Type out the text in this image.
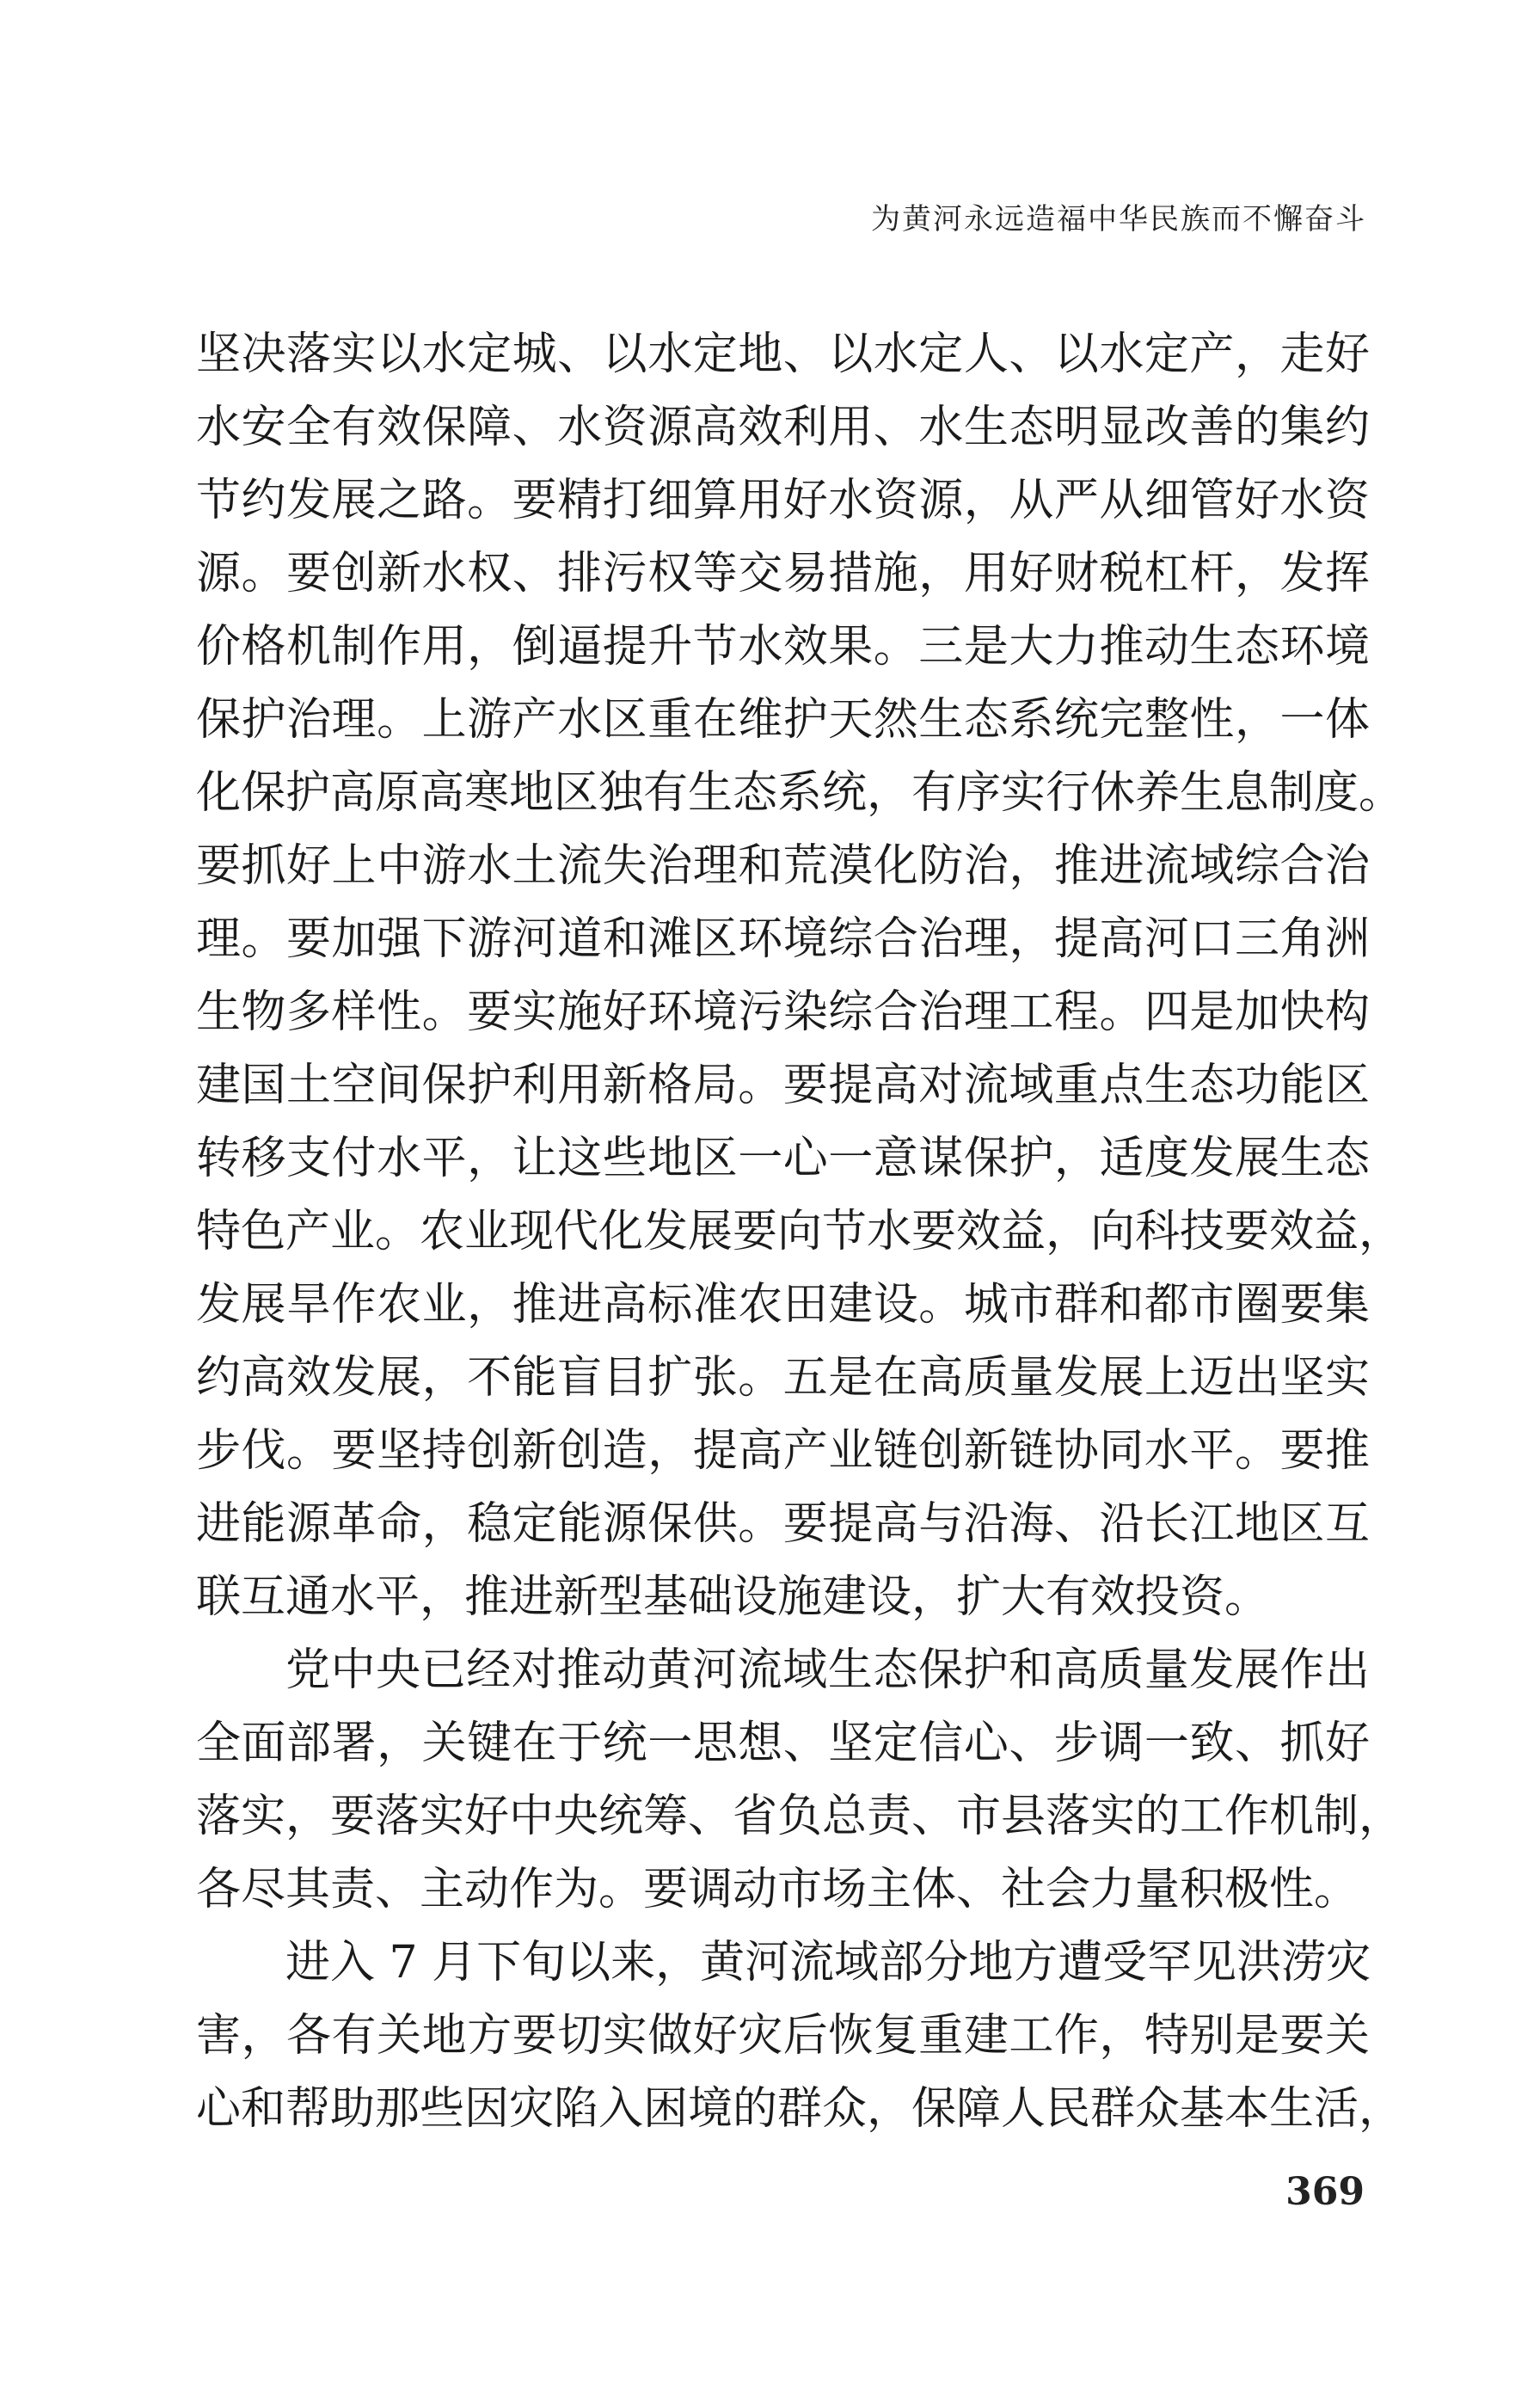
为黄河永远造福中华民族而不懈奋斗
坚决落实以水定城、以水定地、以水定人、以水定产，走好
水安全有效保障、水资源高效利用、水生态明显改善的集约
节约发展之路。要精打细算用好水资源，从严从细管好水资
源。要创新水权、排污权等交易措施，用好财税杠杆，发挥
价格机制作用，倒逼提升节水效果。三是大力推动生态环境
保护治理。上游产水区重在维护天然生态系统完整性，一体
化保护高原高寒地区独有生态系统，有序实行休养生息制度。
要抓好上中游水土流失治理和荒漠化防治，推进流域综合治
理。要加强下游河道和滩区环境综合治理，提高河口三角洲
生物多样性。要实施好环境污染综合治理工程。四是加快构
建国土空间保护利用新格局。要提高对流域重点生态功能区
转移支付水平，让这些地区一心一意谋保护，适度发展生态
特色产业。农业现代化发展要向节水要效益，向科技要效益，
发展旱作农业，推进高标准农田建设。城市群和都市圈要集
约高效发展，不能盲目扩张。五是在高质量发展上迈出坚实
步伐。要坚持创新创造，提高产业链创新链协同水平。要推
进能源革命，稳定能源保供。要提高与沿海、沿长江地区互
联互通水平，推进新型基础设施建设，扩大有效投资。
党中央已经对推动黄河流域生态保护和高质量发展作出
全面部署，关键在于统一思想、坚定信心、步调一致、抓好
落实，要落实好中央统筹、省负总责、市县落实的工作机制，
各尽其责、主动作为。要调动市场主体、社会力量积极性。
进入 7 月下旬以来，黄河流域部分地方遭受罕见洪涝灾
害，各有关地方要切实做好灾后恢复重建工作，特别是要关
心和帮助那些因灾陷入困境的群众，保障人民群众基本生活，
369
